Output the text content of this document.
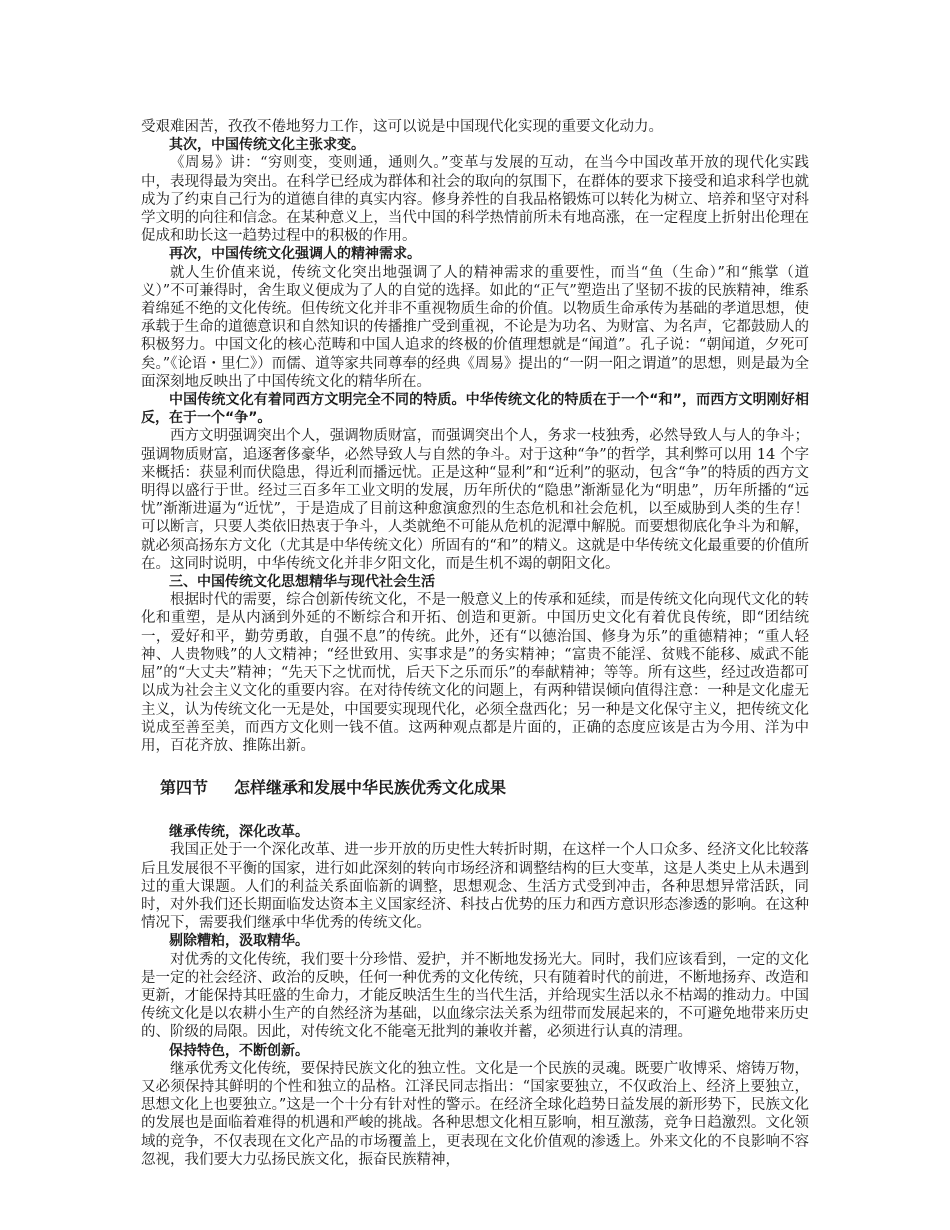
受艰难困苦，孜孜不倦地努力工作，这可以说是中国现代化实现的重要文化动力。

其次，中国传统文化主张求变。

《周易》讲：“穷则变，变则通，通则久。”变革与发展的互动，在当今中国改革开放的现代化实践中，表现得最为突出。在科学已经成为群体和社会的取向的氛围下，在群体的要求下接受和追求科学也就成为了约束自己行为的道德自律的真实内容。修身养性的自我品格锻炼可以转化为树立、培养和坚守对科学文明的向往和信念。在某种意义上，当代中国的科学热情前所未有地高涨，在一定程度上折射出伦理在促成和助长这一趋势过程中的积极的作用。

再次，中国传统文化强调人的精神需求。

就人生价值来说，传统文化突出地强调了人的精神需求的重要性，而当“鱼（生命）”和“熊掌（道义）”不可兼得时，舍生取义便成为了人的自觉的选择。如此的“正气”塑造出了坚韧不拔的民族精神，维系着绵延不绝的文化传统。但传统文化并非不重视物质生命的价值。以物质生命承传为基础的孝道思想，使承载于生命的道德意识和自然知识的传播推广受到重视，不论是为功名、为财富、为名声，它都鼓励人的积极努力。中国文化的核心范畴和中国人追求的终极的价值理想就是“闻道”。孔子说：“朝闻道，夕死可矣。”《论语・里仁》）而儒、道等家共同尊奉的经典《周易》提出的“一阴一阳之谓道”的思想，则是最为全面深刻地反映出了中国传统文化的精华所在。

中国传统文化有着同西方文明完全不同的特质。中华传统文化的特质在于一个“和”，而西方文明刚好相反，在于一个“争”。

西方文明强调突出个人，强调物质财富，而强调突出个人，务求一枝独秀，必然导致人与人的争斗；强调物质财富，追逐奢侈豪华，必然导致人与自然的争斗。对于这种“争”的哲学，其利弊可以用 14 个字来概括：获显利而伏隐患，得近利而播远忧。正是这种“显利”和“近利”的驱动，包含“争”的特质的西方文明得以盛行于世。经过三百多年工业文明的发展，历年所伏的“隐患”渐渐显化为“明患”，历年所播的“远忧”渐渐进逼为“近忧”，于是造成了目前这种愈演愈烈的生态危机和社会危机，以至威胁到人类的生存！可以断言，只要人类依旧热衷于争斗，人类就绝不可能从危机的泥潭中解脱。而要想彻底化争斗为和解，就必须高扬东方文化（尤其是中华传统文化）所固有的“和”的精义。这就是中华传统文化最重要的价值所在。这同时说明，中华传统文化并非夕阳文化，而是生机不竭的朝阳文化。

三、中国传统文化思想精华与现代社会生活

根据时代的需要，综合创新传统文化，不是一般意义上的传承和延续，而是传统文化向现代文化的转化和重塑，是从内涵到外延的不断综合和开拓、创造和更新。中国历史文化有着优良传统，即“团结统一，爱好和平，勤劳勇敢，自强不息”的传统。此外，还有“以德治国、修身为乐”的重德精神；“重人轻神、人贵物贱”的人文精神；“经世致用、实事求是”的务实精神；“富贵不能淫、贫贱不能移、威武不能屈”的“大丈夫”精神；“先天下之忧而忧，后天下之乐而乐”的奉献精神；等等。所有这些，经过改造都可以成为社会主义文化的重要内容。在对待传统文化的问题上，有两种错误倾向值得注意：一种是文化虚无主义，认为传统文化一无是处，中国要实现现代化，必须全盘西化；另一种是文化保守主义，把传统文化说成至善至美，而西方文化则一钱不值。这两种观点都是片面的，正确的态度应该是古为今用、洋为中用，百花齐放、推陈出新。

第四节 怎样继承和发展中华民族优秀文化成果

继承传统，深化改革。

我国正处于一个深化改革、进一步开放的历史性大转折时期，在这样一个人口众多、经济文化比较落后且发展很不平衡的国家，进行如此深刻的转向市场经济和调整结构的巨大变革，这是人类史上从未遇到过的重大课题。人们的利益关系面临新的调整，思想观念、生活方式受到冲击，各种思想异常活跃，同时，对外我们还长期面临发达资本主义国家经济、科技占优势的压力和西方意识形态渗透的影响。在这种情况下，需要我们继承中华优秀的传统文化。

剔除糟粕，汲取精华。

对优秀的文化传统，我们要十分珍惜、爱护，并不断地发扬光大。同时，我们应该看到，一定的文化是一定的社会经济、政治的反映，任何一种优秀的文化传统，只有随着时代的前进，不断地扬弃、改造和更新，才能保持其旺盛的生命力，才能反映活生生的当代生活，并给现实生活以永不枯竭的推动力。中国传统文化是以农耕小生产的自然经济为基础，以血缘宗法关系为纽带而发展起来的，不可避免地带来历史的、阶级的局限。因此，对传统文化不能毫无批判的兼收并蓄，必须进行认真的清理。

保持特色，不断创新。

继承优秀文化传统，要保持民族文化的独立性。文化是一个民族的灵魂。既要广收博采、熔铸万物，又必须保持其鲜明的个性和独立的品格。江泽民同志指出：“国家要独立，不仅政治上、经济上要独立，思想文化上也要独立。”这是一个十分有针对性的警示。在经济全球化趋势日益发展的新形势下，民族文化的发展也是面临着难得的机遇和严峻的挑战。各种思想文化相互影响，相互激荡，竞争日趋激烈。文化领域的竞争，不仅表现在文化产品的市场覆盖上，更表现在文化价值观的渗透上。外来文化的不良影响不容忽视，我们要大力弘扬民族文化，振奋民族精神，
